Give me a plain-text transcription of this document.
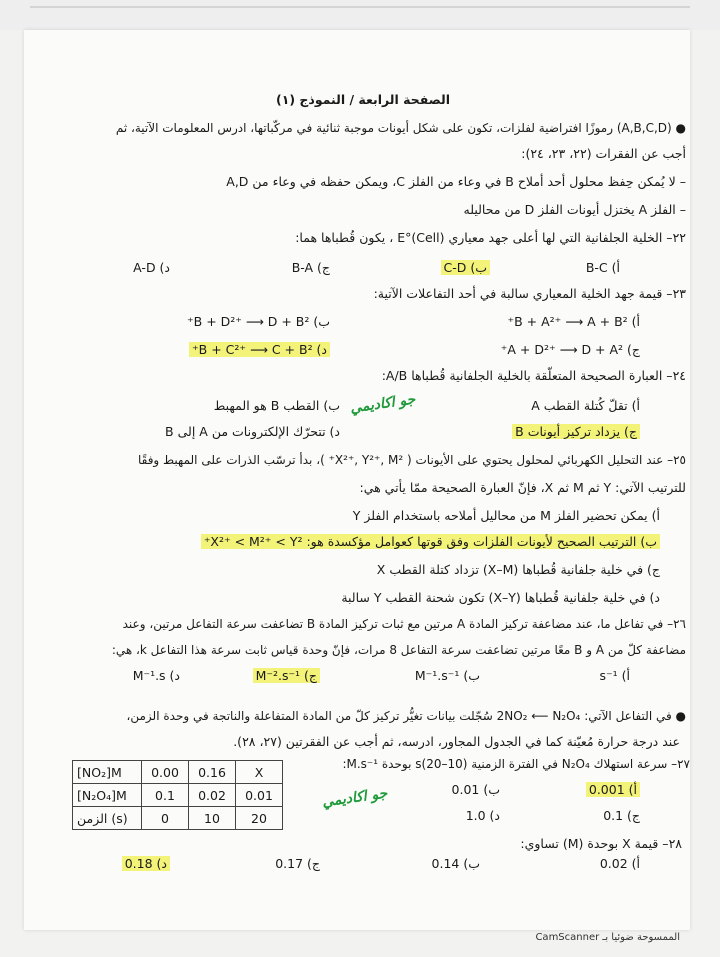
الصفحة الرابعة / النموذج (١)
● (A,B,C,D) رموزًا افتراضية لفلزات، تكون على شكل أيونات موجبة ثنائية في مركّباتها، ادرس المعلومات الآتية، ثم
أجب عن الفقرات (٢٢، ٢٣، ٢٤):
– لا يُمكن حِفظ محلول أحد أملاح B في وعاء من الفلز C، ويمكن حفظه في وعاء من A,D
– الفلز A يختزل أيونات الفلز D من محاليله
٢٢– الخلية الجلفانية التي لها أعلى جهد معياري E°(Cell) ، يكون قُطباها هما:
أ) B-C
ب) C-D
ج) B-A
د) A-D
٢٣– قيمة جهد الخلية المعياري سالبة في أحد التفاعلات الآتية:
أ) B + A²⁺ ⟶ A + B²⁺
ب) B + D²⁺ ⟶ D + B²⁺
ج) A + D²⁺ ⟶ D + A²⁺
د) B + C²⁺ ⟶ C + B²⁺
٢٤– العبارة الصحيحة المتعلّقة بالخلية الجلفانية قُطباها A/B:
أ) تقلّ كُتلة القطب A
ب) القطب B هو المهبط
ج) يزداد تركيز أيونات B
د) تتحرّك الإلكترونات من A إلى B
جو اكاديمي
٢٥– عند التحليل الكهربائي لمحلول يحتوي على الأيونات ( X²⁺, Y²⁺, M²⁺ )، بدأ ترسّب الذرات على المهبط وفقًا
للترتيب الآتي: Y ثم M ثم X، فإنّ العبارة الصحيحة ممّا يأتي هي:
أ) يمكن تحضير الفلز M من محاليل أملاحه باستخدام الفلز Y
ب) الترتيب الصحيح لأيونات الفلزات وفق قوتها كعوامل مؤكسدة هو: X²⁺ < M²⁺ < Y²⁺
ج) في خلية جلفانية قُطباها (X–M) تزداد كتلة القطب X
د) في خلية جلفانية قُطباها (X–Y) تكون شحنة القطب Y سالبة
٢٦– في تفاعل ما، عند مضاعفة تركيز المادة A مرتين مع ثبات تركيز المادة B تضاعفت سرعة التفاعل مرتين، وعند
مضاعفة كلّ من A و B معًا مرتين تضاعفت سرعة التفاعل 8 مرات، فإنّ وحدة قياس ثابت سرعة هذا التفاعل k، هي:
أ) s⁻¹
ب) M⁻¹.s⁻¹
ج) M⁻².s⁻¹
د) M⁻¹.s
● في التفاعل الآتي: 2NO₂ ⟵ N₂O₄ سُجّلت بيانات تغيُّر تركيز كلّ من المادة المتفاعلة والناتجة في وحدة الزمن،
عند درجة حرارة مُعيّنة كما في الجدول المجاور، ادرسه، ثم أجب عن الفقرتين (٢٧، ٢٨).
[NO₂]M	0.00	0.16	X
[N₂O₄]M	0.1	0.02	0.01
الزمن (s)	0	10	20
٢٧– سرعة استهلاك N₂O₄ في الفترة الزمنية (10–20)s بوحدة M.s⁻¹:
أ) 0.001
ب) 0.01
ج) 0.1
د) 1.0
جو اكاديمي
٢٨– قيمة X بوحدة (M) تساوي:
أ) 0.02
ب) 0.14
ج) 0.17
د) 0.18
الممسوحة ضوئيا بـ CamScanner
